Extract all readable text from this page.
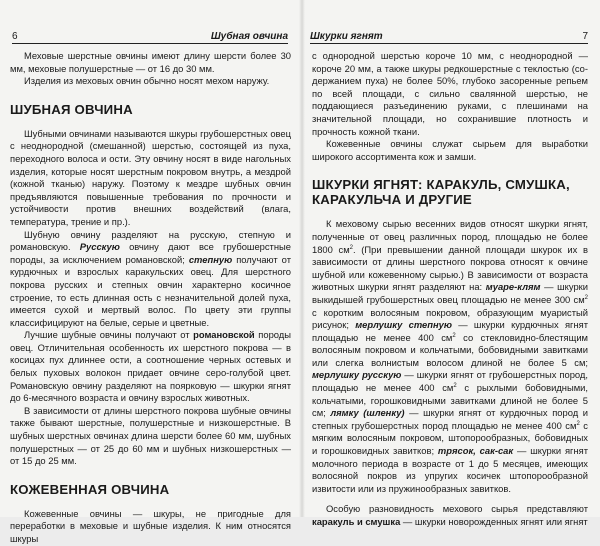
6	Шубная овчина

Меховые шерстные овчины имеют длину шерсти более 30 мм, меховые полушерстные — от 16 до 30 мм.

Изделия из меховых овчин обычно носят мехом наружу.

ШУБНАЯ ОВЧИНА

Шубными овчинами называются шкуры грубошерстных овец с неоднородной (смешанной) шерстью, состоящей из пуха, переходного волоса и ости. Эту овчину носят в виде нагольных изделия, которые носят шерстным покровом внутрь, а мездрой (кожной тканью) наружу. Поэтому к мездре шубных овчин предъявляются повышенные требования по прочности и устойчивости против внешних воздействий (влага, температура, трение и пр.).

Шубную овчину разделяют на русскую, степную и романовскую. Русскую овчину дают все грубошерстные породы, за исключением романовской; степную получают от курдючных и взрослых каракульских овец. Для шерстного покрова русских и степных овчин характерно косичное строение, то есть длинная ость с незначительной долей пуха, имеется сухой и мертвый волос. По цвету эти группы классифицируют на белые, серые и цветные.

Лучшие шубные овчины получают от романовской породы овец. Отличительная особенность их шерстного покрова — в косицах пух длиннее ости, а соотношение черных остевых и белых пуховых волокон придает овчине серо-голубой цвет. Романовскую овчину разделяют на поярковую — шкурки ягнят до 6-месячного возраста и овчину взрослых животных.

В зависимости от длины шерстного покрова шубные овчины также бывают шерстные, полушерстные и низкошерстные. В шубных шерстных овчинах длина шерсти более 60 мм, шубных полушерстных — от 25 до 60 мм и шубных низкошерстных — от 15 до 25 мм.

КОЖЕВЕННАЯ ОВЧИНА

Кожевенные овчины — шкуры, не пригодные для переработки в меховые и шубные изделия. К ним относятся шкуры

Шкурки ягнят	7

с однородной шерстью короче 10 мм, с неоднородной — короче 20 мм, а также шкуры редкошерстные с теклостью (со-держанием пуха) не более 50%, глубоко засоренные репьем по всей площади, с сильно свалянной шерстью, не поддающиеся разъединению руками, с плешинами на значительной площади, но сохранившие плотность и прочность кожной ткани.

Кожевенные овчины служат сырьем для выработки широкого ассортимента кож и замши.

ШКУРКИ ЯГНЯТ: КАРАКУЛЬ, СМУШКА, КАРАКУЛЬЧА И ДРУГИЕ

К меховому сырью весенних видов относят шкурки ягнят, полученные от овец различных пород, площадью не более 1800 $см^2$. (При превышении данной площади шкурок их в зависимости от длины шерстного покрова относят к овчине шубной или кожевенному сырью.) В зависимости от возраста животных шкурки ягнят разделяют на: муаре-клям — шкурки выкидышей грубошерстных овец площадью не менее 300 $см^2$ с коротким волосяным покровом, образующим муаристый рисунок; мерлушку степную — шкурки курдючных ягнят площадью не менее 400 $см^2$ со стекловидно-блестящим волосяным покровом и кольчатыми, бобовидными завитками или слегка волнистым волосом длиной не более 5 см; мерлушку русскую — шкурки ягнят от грубошерстных пород, площадью не менее 400 $см^2$ с рыхлыми бобовидными, кольчатыми, горошковидными завитками длиной не более 5 см; лямку (шленку) — шкурки ягнят от курдючных пород и степных грубошерстных пород площадью не менее 400 $см^2$ с мягким волосяным покровом, штопорообразных, бобовидных и горошковидных завитков; трясок, сак-сак — шкурки ягнят молочного периода в возрасте от 1 до 5 месяцев, имеющих волосяной покров из упругих косичек штопорообразной извитости или из пружинообразных завитков.

Особую разновидность мехового сырья представляют каракуль и смушка — шкурки новорожденных ягнят или ягнят
